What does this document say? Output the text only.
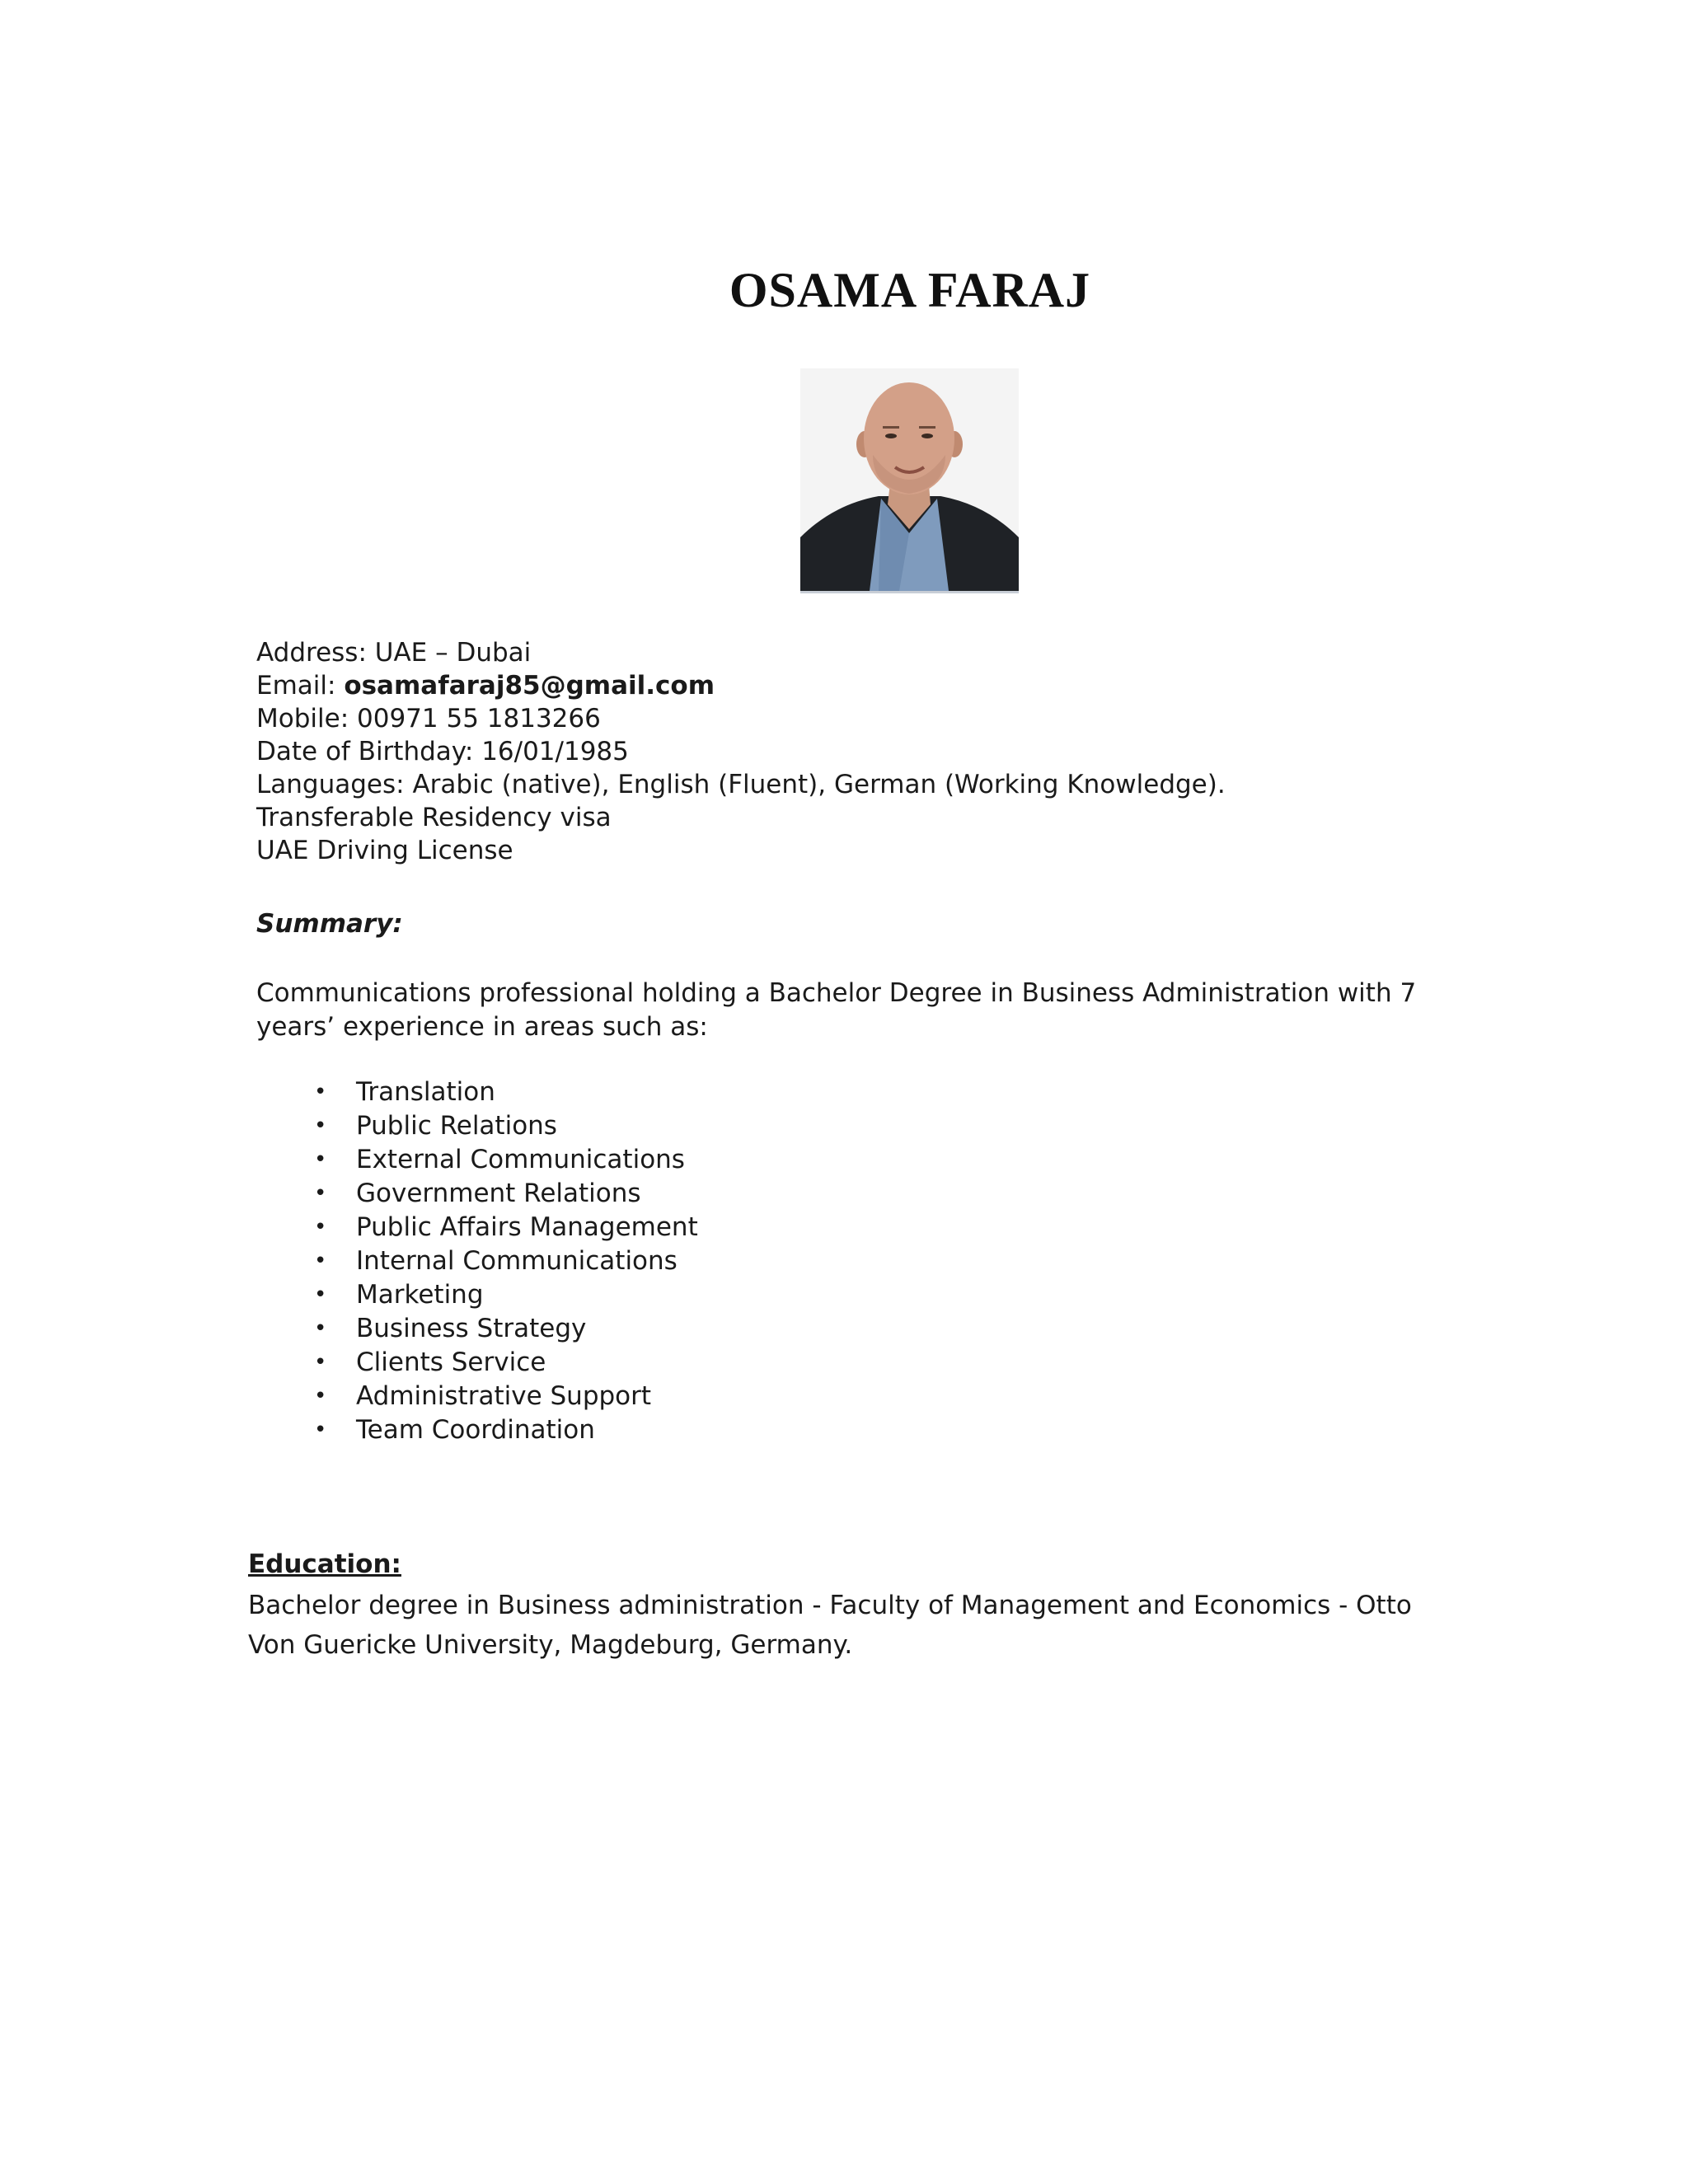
OSAMA FARAJ
Address: UAE – Dubai
Email: osamafaraj85@gmail.com
Mobile: 00971 55 1813266
Date of Birthday: 16/01/1985
Languages: Arabic (native), English (Fluent), German (Working Knowledge).
Transferable Residency visa
UAE Driving License
Summary:

Communications professional holding a Bachelor Degree in Business Administration with 7 years’ experience in areas such as:

• Translation
• Public Relations
• External Communications
• Government Relations
• Public Affairs Management
• Internal Communications
• Marketing
• Business Strategy
• Clients Service
• Administrative Support
• Team Coordination
Education:

Bachelor degree in Business administration - Faculty of Management and Economics - Otto Von Guericke University, Magdeburg, Germany.
